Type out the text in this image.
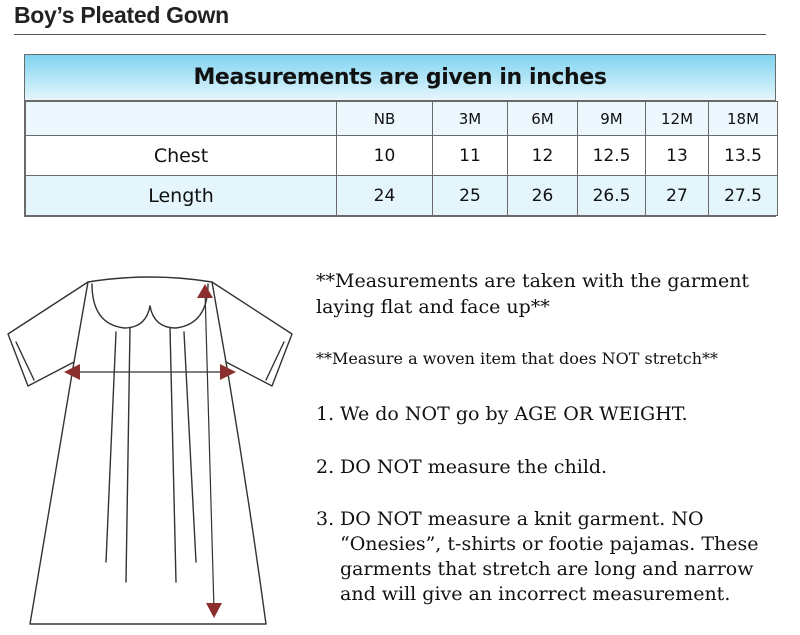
Boy’s Pleated Gown
Measurements are given in inches
	NB	3M	6M	9M	12M	18M
Chest	10	11	12	12.5	13	13.5
Length	24	25	26	26.5	27	27.5
**Measurements are taken with the garment laying flat and face up**
**Measure a woven item that does NOT stretch**
1. We do NOT go by AGE OR WEIGHT.
2. DO NOT measure the child.
3. DO NOT measure a knit garment. NO “Onesies”, t-shirts or footie pajamas. These garments that stretch are long and narrow and will give an incorrect measurement.
